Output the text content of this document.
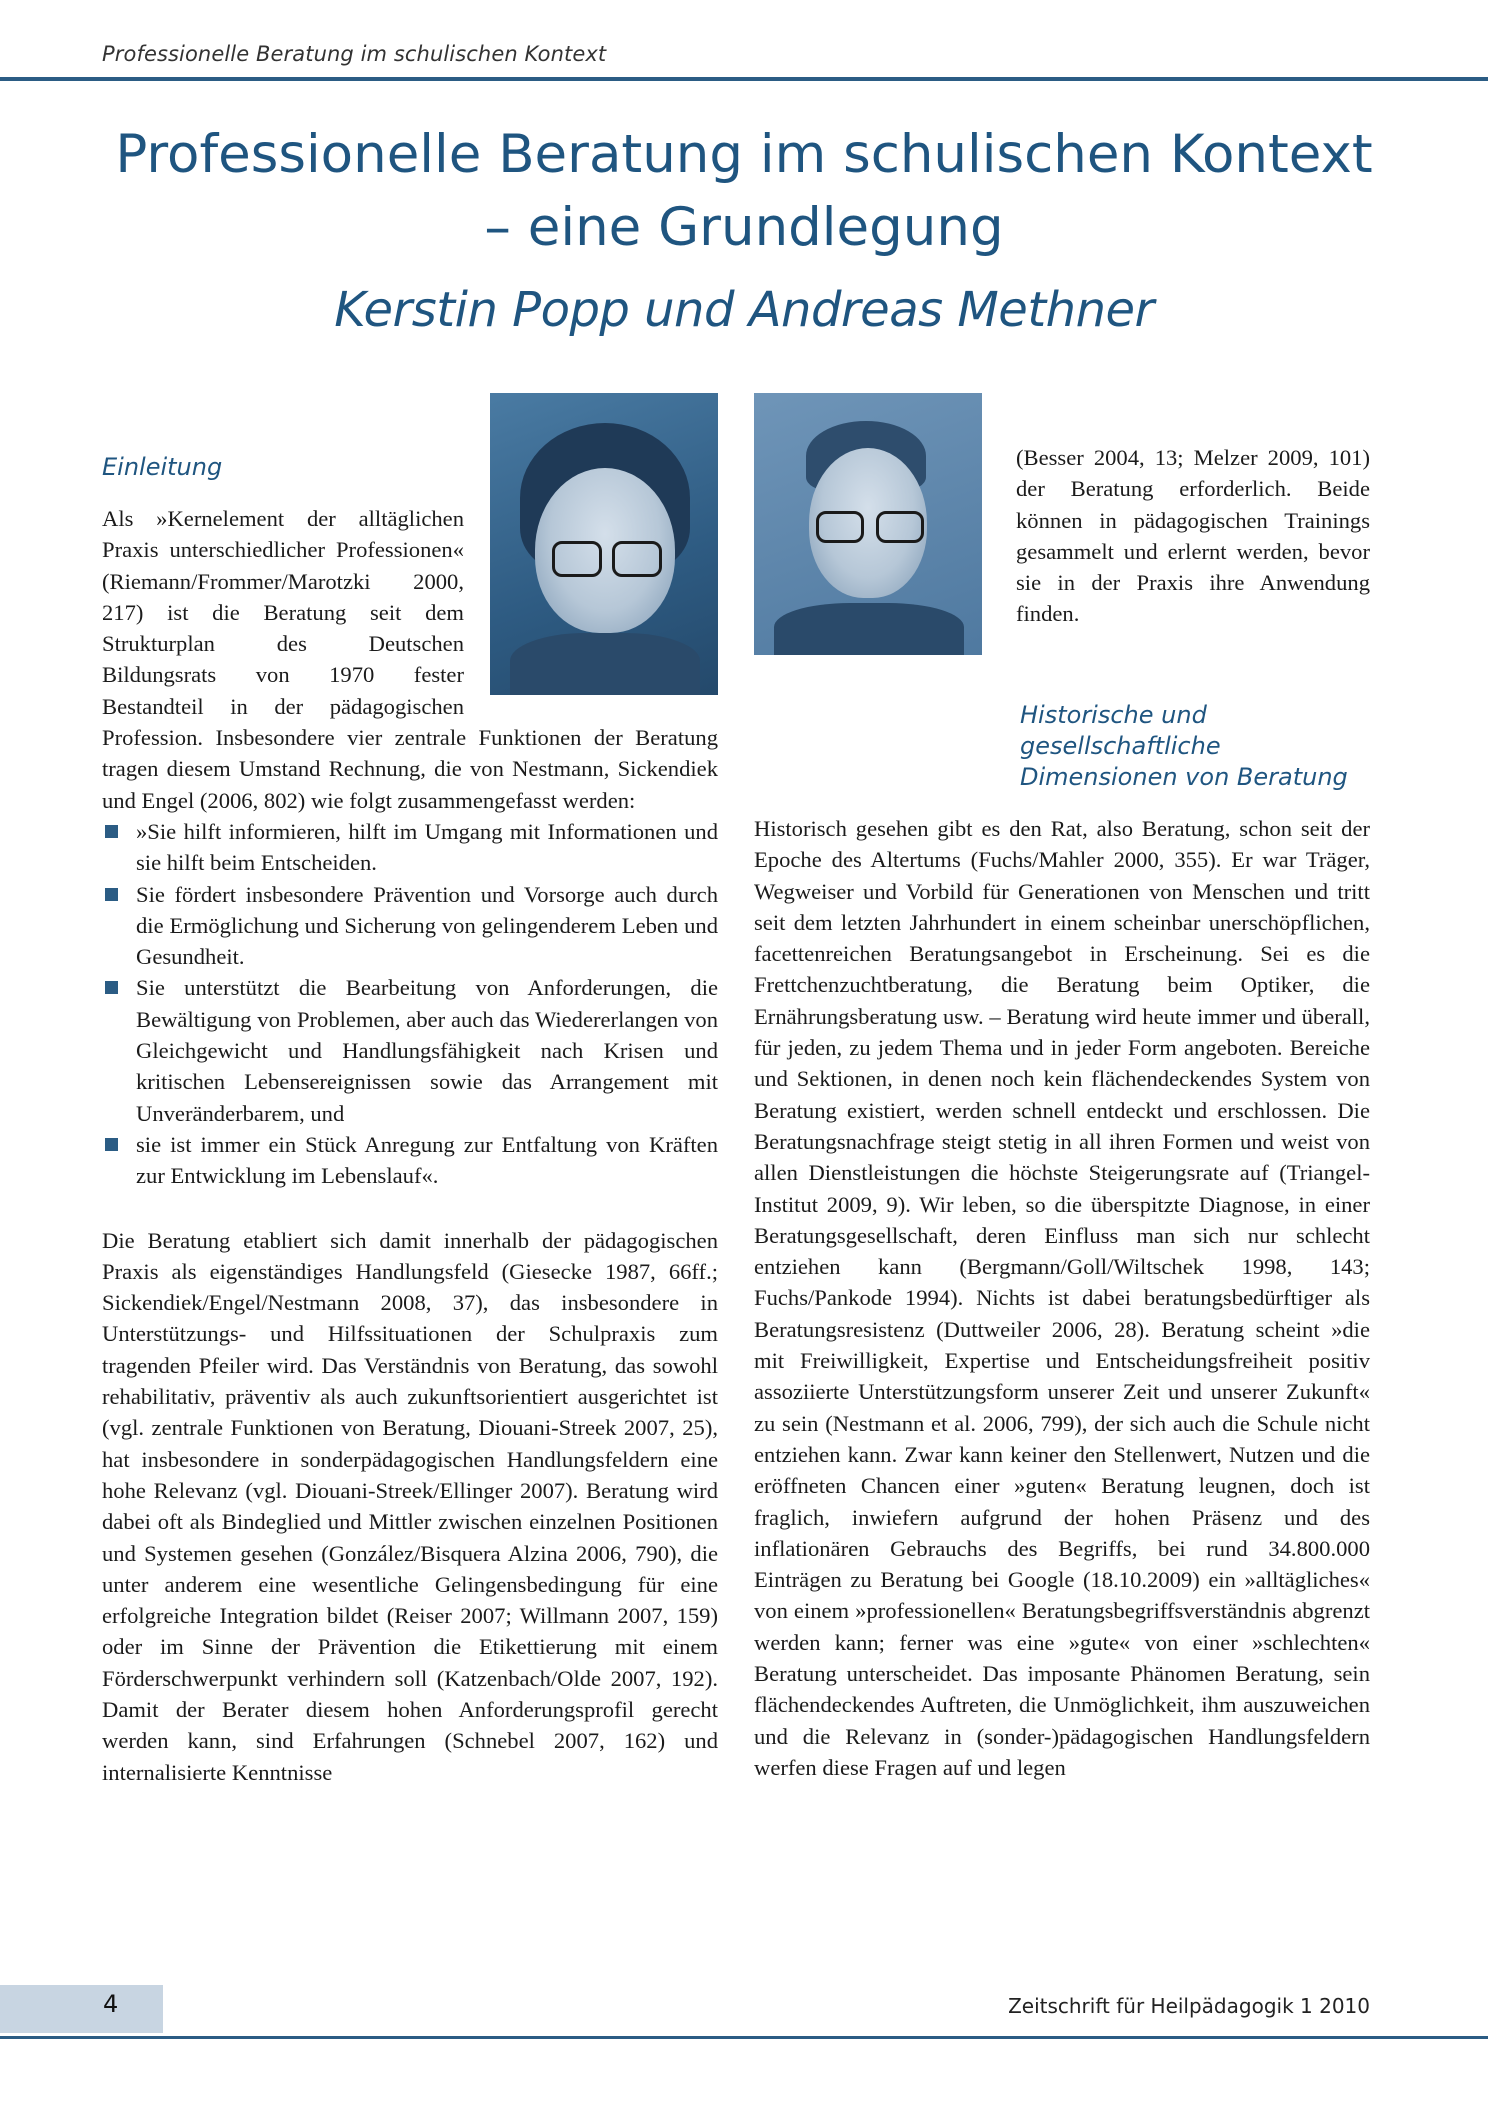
Professionelle Beratung im schulischen Kontext
Professionelle Beratung im schulischen Kontext
– eine Grundlegung
Kerstin Popp und Andreas Methner
Einleitung

Als »Kernelement der alltäglichen Praxis unterschiedlicher Professionen« (Riemann/Frommer/Marotzki 2000, 217) ist die Beratung seit dem Strukturplan des Deutschen Bildungsrats von 1970 fester Bestandteil in der pädagogischen Profession. Insbesondere vier zentrale Funktionen der Beratung tragen diesem Umstand Rechnung, die von Nestmann, Sickendiek und Engel (2006, 802) wie folgt zusammengefasst werden:

»Sie hilft informieren, hilft im Umgang mit Informationen und sie hilft beim Entscheiden.
Sie fördert insbesondere Prävention und Vorsorge auch durch die Ermöglichung und Sicherung von gelingenderem Leben und Gesundheit.
Sie unterstützt die Bearbeitung von Anforderungen, die Bewältigung von Problemen, aber auch das Wiedererlangen von Gleichgewicht und Handlungsfähigkeit nach Krisen und kritischen Lebensereignissen sowie das Arrangement mit Unveränderbarem, und
sie ist immer ein Stück Anregung zur Entfaltung von Kräften zur Entwicklung im Lebenslauf«.

Die Beratung etabliert sich damit innerhalb der pädagogischen Praxis als eigenständiges Handlungsfeld (Giesecke 1987, 66ff.; Sickendiek/Engel/Nestmann 2008, 37), das insbesondere in Unterstützungs- und Hilfssituationen der Schulpraxis zum tragenden Pfeiler wird. Das Verständnis von Beratung, das sowohl rehabilitativ, präventiv als auch zukunftsorientiert ausgerichtet ist (vgl. zentrale Funktionen von Beratung, Diouani-Streek 2007, 25), hat insbesondere in sonderpädagogischen Handlungsfeldern eine hohe Relevanz (vgl. Diouani-Streek/Ellinger 2007). Beratung wird dabei oft als Bindeglied und Mittler zwischen einzelnen Positionen und Systemen gesehen (González/Bisquera Alzina 2006, 790), die unter anderem eine wesentliche Gelingensbedingung für eine erfolgreiche Integration bildet (Reiser 2007; Willmann 2007, 159) oder im Sinne der Prävention die Etikettierung mit einem Förderschwerpunkt verhindern soll (Katzenbach/Olde 2007, 192). Damit der Berater diesem hohen Anforderungsprofil gerecht werden kann, sind Erfahrungen (Schnebel 2007, 162) und internalisierte Kenntnisse

(Besser 2004, 13; Melzer 2009, 101) der Beratung erforderlich. Beide können in pädagogischen Trainings gesammelt und erlernt werden, bevor sie in der Praxis ihre Anwendung finden.

Historische und gesellschaftliche Dimensionen von Beratung

Historisch gesehen gibt es den Rat, also Beratung, schon seit der Epoche des Altertums (Fuchs/Mahler 2000, 355). Er war Träger, Wegweiser und Vorbild für Generationen von Menschen und tritt seit dem letzten Jahrhundert in einem scheinbar unerschöpflichen, facettenreichen Beratungsangebot in Erscheinung. Sei es die Frettchenzuchtberatung, die Beratung beim Optiker, die Ernährungsberatung usw. – Beratung wird heute immer und überall, für jeden, zu jedem Thema und in jeder Form angeboten. Bereiche und Sektionen, in denen noch kein flächendeckendes System von Beratung existiert, werden schnell entdeckt und erschlossen. Die Beratungsnachfrage steigt stetig in all ihren Formen und weist von allen Dienstleistungen die höchste Steigerungsrate auf (Triangel-Institut 2009, 9). Wir leben, so die überspitzte Diagnose, in einer Beratungsgesellschaft, deren Einfluss man sich nur schlecht entziehen kann (Bergmann/Goll/Wiltschek 1998, 143; Fuchs/Pankode 1994). Nichts ist dabei beratungsbedürftiger als Beratungsresistenz (Duttweiler 2006, 28). Beratung scheint »die mit Freiwilligkeit, Expertise und Entscheidungsfreiheit positiv assoziierte Unterstützungsform unserer Zeit und unserer Zukunft« zu sein (Nestmann et al. 2006, 799), der sich auch die Schule nicht entziehen kann. Zwar kann keiner den Stellenwert, Nutzen und die eröffneten Chancen einer »guten« Beratung leugnen, doch ist fraglich, inwiefern aufgrund der hohen Präsenz und des inflationären Gebrauchs des Begriffs, bei rund 34.800.000 Einträgen zu Beratung bei Google (18.10.2009) ein »alltägliches« von einem »professionellen« Beratungsbegriffsverständnis abgrenzt werden kann; ferner was eine »gute« von einer »schlechten« Beratung unterscheidet. Das imposante Phänomen Beratung, sein flächendeckendes Auftreten, die Unmöglichkeit, ihm auszuweichen und die Relevanz in (sonder-)pädagogischen Handlungsfeldern werfen diese Fragen auf und legen

4	Zeitschrift für Heilpädagogik 1 2010
